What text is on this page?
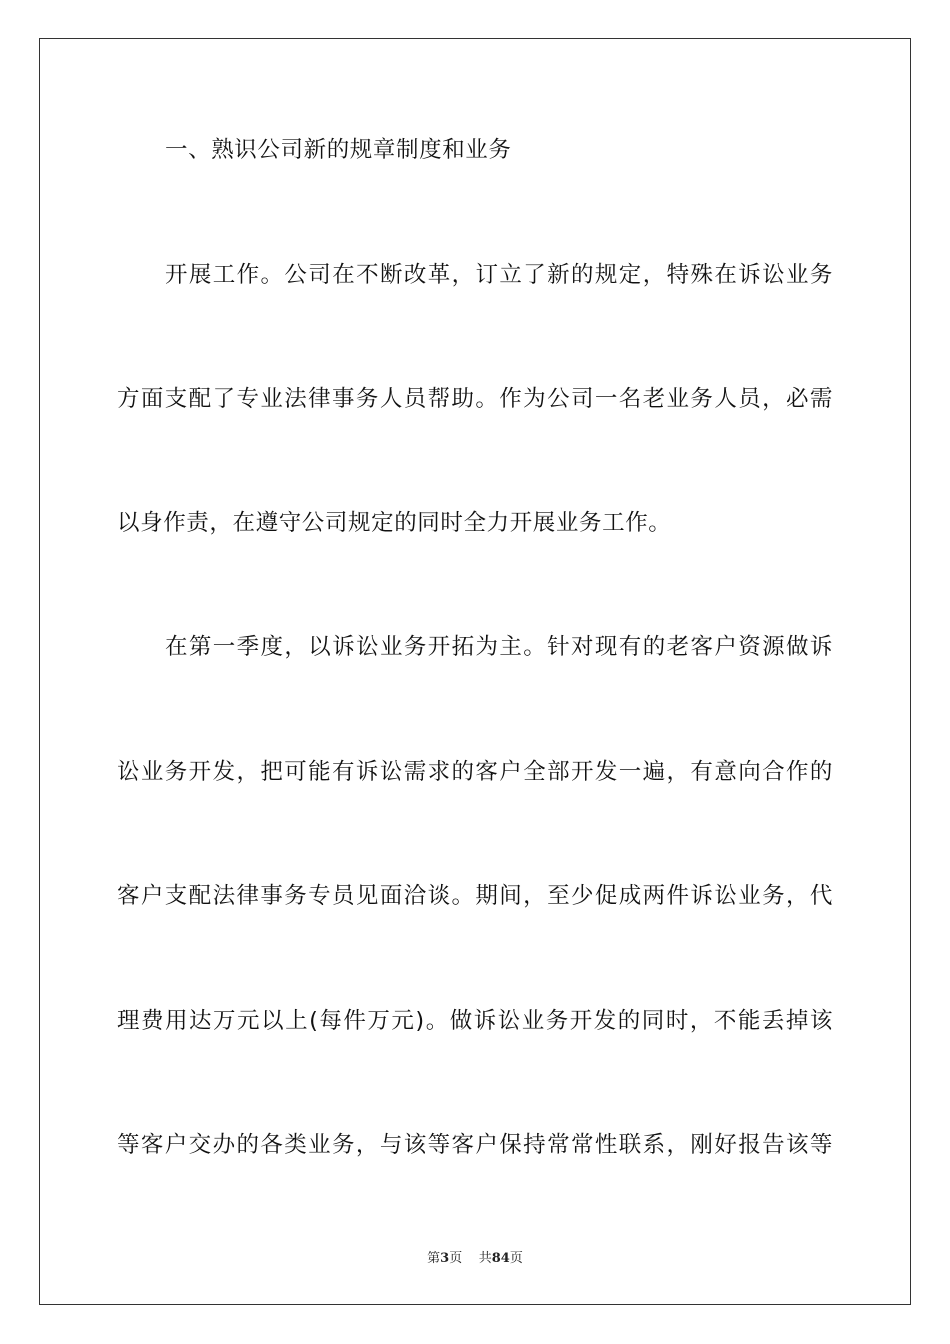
一、熟识公司新的规章制度和业务
开展工作。公司在不断改革，订立了新的规定，特殊在诉讼业务
方面支配了专业法律事务人员帮助。作为公司一名老业务人员，必需
以身作责，在遵守公司规定的同时全力开展业务工作。
在第一季度，以诉讼业务开拓为主。针对现有的老客户资源做诉
讼业务开发，把可能有诉讼需求的客户全部开发一遍，有意向合作的
客户支配法律事务专员见面洽谈。期间，至少促成两件诉讼业务，代
理费用达万元以上(每件万元)。做诉讼业务开发的同时，不能丢掉该
等客户交办的各类业务，与该等客户保持常常性联系，刚好报告该等
第3页 共84页
